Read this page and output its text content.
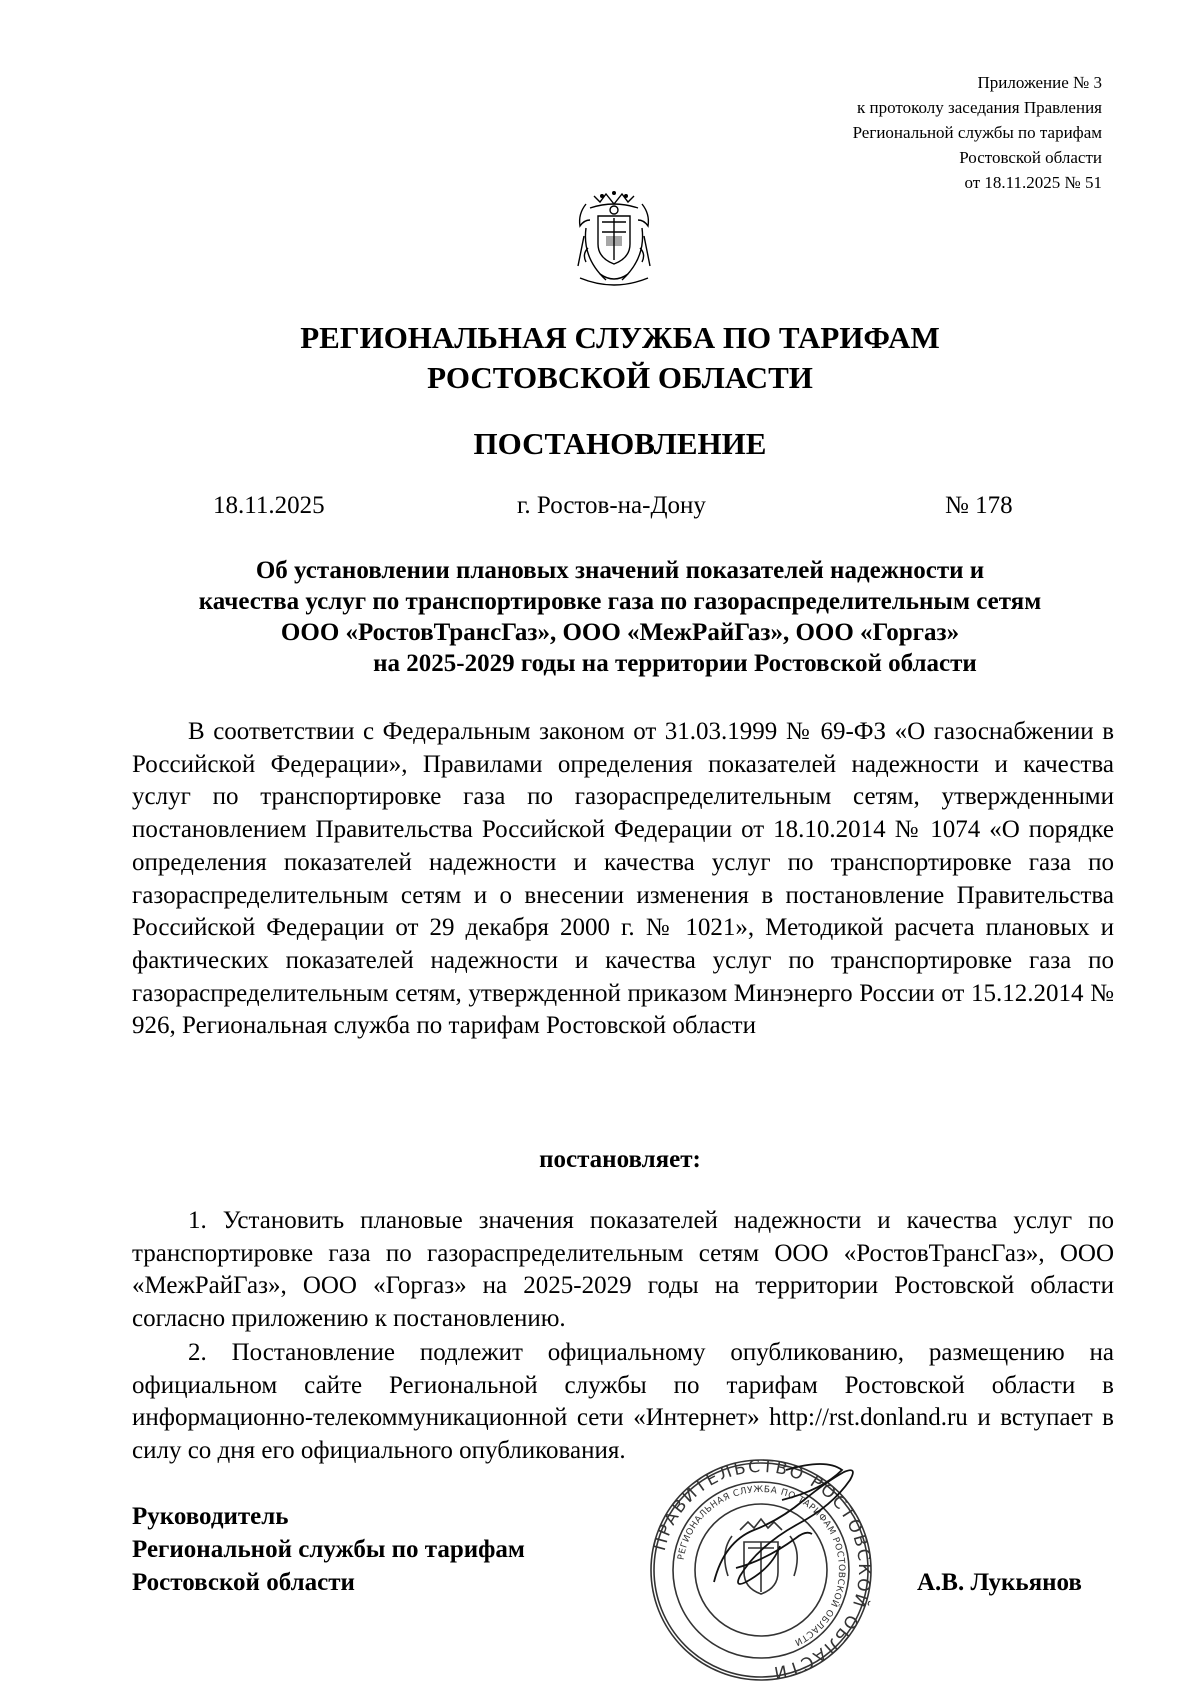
Приложение № 3
к протоколу заседания Правления
Региональной службы по тарифам
Ростовской области
от 18.11.2025 № 51
РЕГИОНАЛЬНАЯ СЛУЖБА ПО ТАРИФАМ
РОСТОВСКОЙ ОБЛАСТИ
ПОСТАНОВЛЕНИЕ
18.11.2025	г. Ростов-на-Дону	№ 178
Об установлении плановых значений показателей надежности и
качества услуг по транспортировке газа по газораспределительным сетям
ООО «РостовТрансГаз», ООО «МежРайГаз», ООО «Горгаз»
на 2025-2029 годы на территории Ростовской области

В соответствии с Федеральным законом от 31.03.1999 № 69-ФЗ «О газоснабжении в Российской Федерации», Правилами определения показателей надежности и качества услуг по транспортировке газа по газораспределительным сетям, утвержденными постановлением Правительства Российской Федерации от 18.10.2014 № 1074 «О порядке определения показателей надежности и качества услуг по транспортировке газа по газораспределительным сетям и о внесении изменения в постановление Правительства Российской Федерации от 29 декабря 2000 г. № 1021», Методикой расчета плановых и фактических показателей надежности и качества услуг по транспортировке газа по газораспределительным сетям, утвержденной приказом Минэнерго России от 15.12.2014 № 926, Региональная служба по тарифам Ростовской области

постановляет:

1. Установить плановые значения показателей надежности и качества услуг по транспортировке газа по газораспределительным сетям ООО «РостовТрансГаз», ООО «МежРайГаз», ООО «Горгаз» на 2025-2029 годы на территории Ростовской области согласно приложению к постановлению.

2. Постановление подлежит официальному опубликованию, размещению на официальном сайте Региональной службы по тарифам Ростовской области в информационно-телекоммуникационной сети «Интернет» http://rst.donland.ru и вступает в силу со дня его официального опубликования.

Руководитель
Региональной службы по тарифам
Ростовской области
ПРАВИТЕЛЬСТВО РОСТОВСКОЙ ОБЛАСТИ
РЕГИОНАЛЬНАЯ СЛУЖБА ПО ТАРИФАМ РОСТОВСКОЙ ОБЛАСТИ
А.В. Лукьянов
